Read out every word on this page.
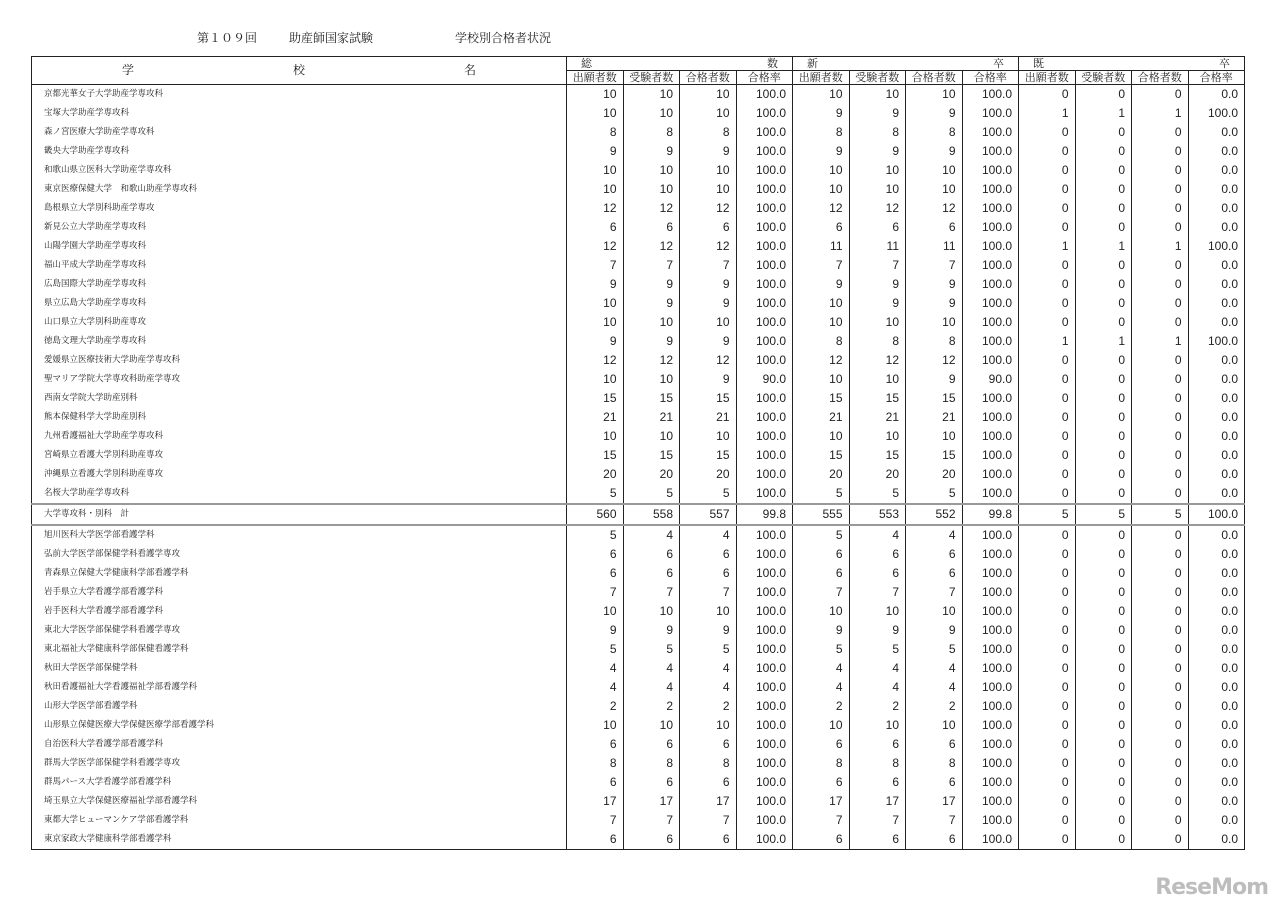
第１０９回	助産師国家試験	学校別合格者状況
学 校 名	総 数				新 卒				既 卒			
	出願者数	受験者数	合格者数	合格率	出願者数	受験者数	合格者数	合格率	出願者数	受験者数	合格者数	合格率
京都光華女子大学助産学専攻科	10	10	10	100.0	10	10	10	100.0	0	0	0	0.0
宝塚大学助産学専攻科	10	10	10	100.0	9	9	9	100.0	1	1	1	100.0
森ノ宮医療大学助産学専攻科	8	8	8	100.0	8	8	8	100.0	0	0	0	0.0
畿央大学助産学専攻科	9	9	9	100.0	9	9	9	100.0	0	0	0	0.0
和歌山県立医科大学助産学専攻科	10	10	10	100.0	10	10	10	100.0	0	0	0	0.0
東京医療保健大学　和歌山助産学専攻科	10	10	10	100.0	10	10	10	100.0	0	0	0	0.0
島根県立大学別科助産学専攻	12	12	12	100.0	12	12	12	100.0	0	0	0	0.0
新見公立大学助産学専攻科	6	6	6	100.0	6	6	6	100.0	0	0	0	0.0
山陽学園大学助産学専攻科	12	12	12	100.0	11	11	11	100.0	1	1	1	100.0
福山平成大学助産学専攻科	7	7	7	100.0	7	7	7	100.0	0	0	0	0.0
広島国際大学助産学専攻科	9	9	9	100.0	9	9	9	100.0	0	0	0	0.0
県立広島大学助産学専攻科	10	9	9	100.0	10	9	9	100.0	0	0	0	0.0
山口県立大学別科助産専攻	10	10	10	100.0	10	10	10	100.0	0	0	0	0.0
徳島文理大学助産学専攻科	9	9	9	100.0	8	8	8	100.0	1	1	1	100.0
愛媛県立医療技術大学助産学専攻科	12	12	12	100.0	12	12	12	100.0	0	0	0	0.0
聖マリア学院大学専攻科助産学専攻	10	10	9	90.0	10	10	9	90.0	0	0	0	0.0
西南女学院大学助産別科	15	15	15	100.0	15	15	15	100.0	0	0	0	0.0
熊本保健科学大学助産別科	21	21	21	100.0	21	21	21	100.0	0	0	0	0.0
九州看護福祉大学助産学専攻科	10	10	10	100.0	10	10	10	100.0	0	0	0	0.0
宮崎県立看護大学別科助産専攻	15	15	15	100.0	15	15	15	100.0	0	0	0	0.0
沖縄県立看護大学別科助産専攻	20	20	20	100.0	20	20	20	100.0	0	0	0	0.0
名桜大学助産学専攻科	5	5	5	100.0	5	5	5	100.0	0	0	0	0.0
大学専攻科・別科　計	560	558	557	99.8	555	553	552	99.8	5	5	5	100.0
旭川医科大学医学部看護学科	5	4	4	100.0	5	4	4	100.0	0	0	0	0.0
弘前大学医学部保健学科看護学専攻	6	6	6	100.0	6	6	6	100.0	0	0	0	0.0
青森県立保健大学健康科学部看護学科	6	6	6	100.0	6	6	6	100.0	0	0	0	0.0
岩手県立大学看護学部看護学科	7	7	7	100.0	7	7	7	100.0	0	0	0	0.0
岩手医科大学看護学部看護学科	10	10	10	100.0	10	10	10	100.0	0	0	0	0.0
東北大学医学部保健学科看護学専攻	9	9	9	100.0	9	9	9	100.0	0	0	0	0.0
東北福祉大学健康科学部保健看護学科	5	5	5	100.0	5	5	5	100.0	0	0	0	0.0
秋田大学医学部保健学科	4	4	4	100.0	4	4	4	100.0	0	0	0	0.0
秋田看護福祉大学看護福祉学部看護学科	4	4	4	100.0	4	4	4	100.0	0	0	0	0.0
山形大学医学部看護学科	2	2	2	100.0	2	2	2	100.0	0	0	0	0.0
山形県立保健医療大学保健医療学部看護学科	10	10	10	100.0	10	10	10	100.0	0	0	0	0.0
自治医科大学看護学部看護学科	6	6	6	100.0	6	6	6	100.0	0	0	0	0.0
群馬大学医学部保健学科看護学専攻	8	8	8	100.0	8	8	8	100.0	0	0	0	0.0
群馬パース大学看護学部看護学科	6	6	6	100.0	6	6	6	100.0	0	0	0	0.0
埼玉県立大学保健医療福祉学部看護学科	17	17	17	100.0	17	17	17	100.0	0	0	0	0.0
東都大学ヒューマンケア学部看護学科	7	7	7	100.0	7	7	7	100.0	0	0	0	0.0
東京家政大学健康科学部看護学科	6	6	6	100.0	6	6	6	100.0	0	0	0	0.0
ReseMom
